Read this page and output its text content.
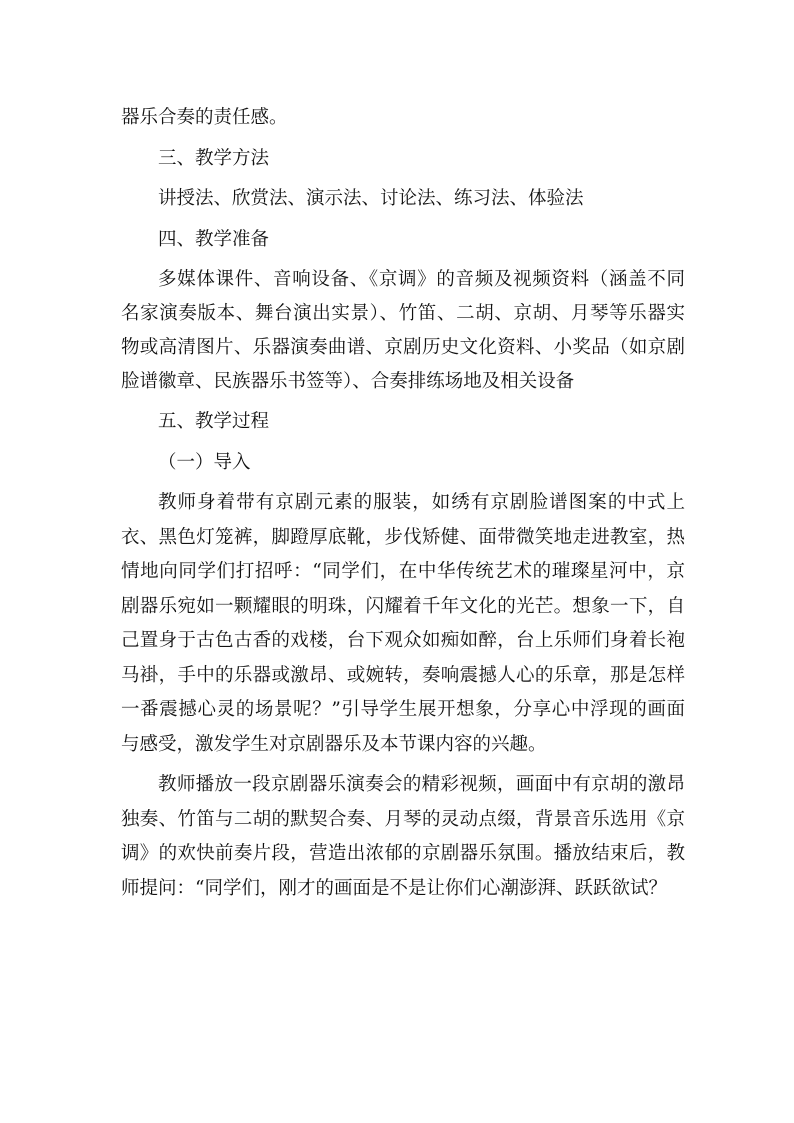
器乐合奏的责任感。

三、教学方法

讲授法、欣赏法、演示法、讨论法、练习法、体验法

四、教学准备

多媒体课件、音响设备、《京调》的音频及视频资料（涵盖不同名家演奏版本、舞台演出实景）、竹笛、二胡、京胡、月琴等乐器实物或高清图片、乐器演奏曲谱、京剧历史文化资料、小奖品（如京剧脸谱徽章、民族器乐书签等）、合奏排练场地及相关设备

五、教学过程

（一）导入

教师身着带有京剧元素的服装，如绣有京剧脸谱图案的中式上衣、黑色灯笼裤，脚蹬厚底靴，步伐矫健、面带微笑地走进教室，热情地向同学们打招呼：“同学们，在中华传统艺术的璀璨星河中，京剧器乐宛如一颗耀眼的明珠，闪耀着千年文化的光芒。想象一下，自己置身于古色古香的戏楼，台下观众如痴如醉，台上乐师们身着长袍马褂，手中的乐器或激昂、或婉转，奏响震撼人心的乐章，那是怎样一番震撼心灵的场景呢？”引导学生展开想象，分享心中浮现的画面与感受，激发学生对京剧器乐及本节课内容的兴趣。

教师播放一段京剧器乐演奏会的精彩视频，画面中有京胡的激昂独奏、竹笛与二胡的默契合奏、月琴的灵动点缀，背景音乐选用《京调》的欢快前奏片段，营造出浓郁的京剧器乐氛围。播放结束后，教师提问：“同学们，刚才的画面是不是让你们心潮澎湃、跃跃欲试？
